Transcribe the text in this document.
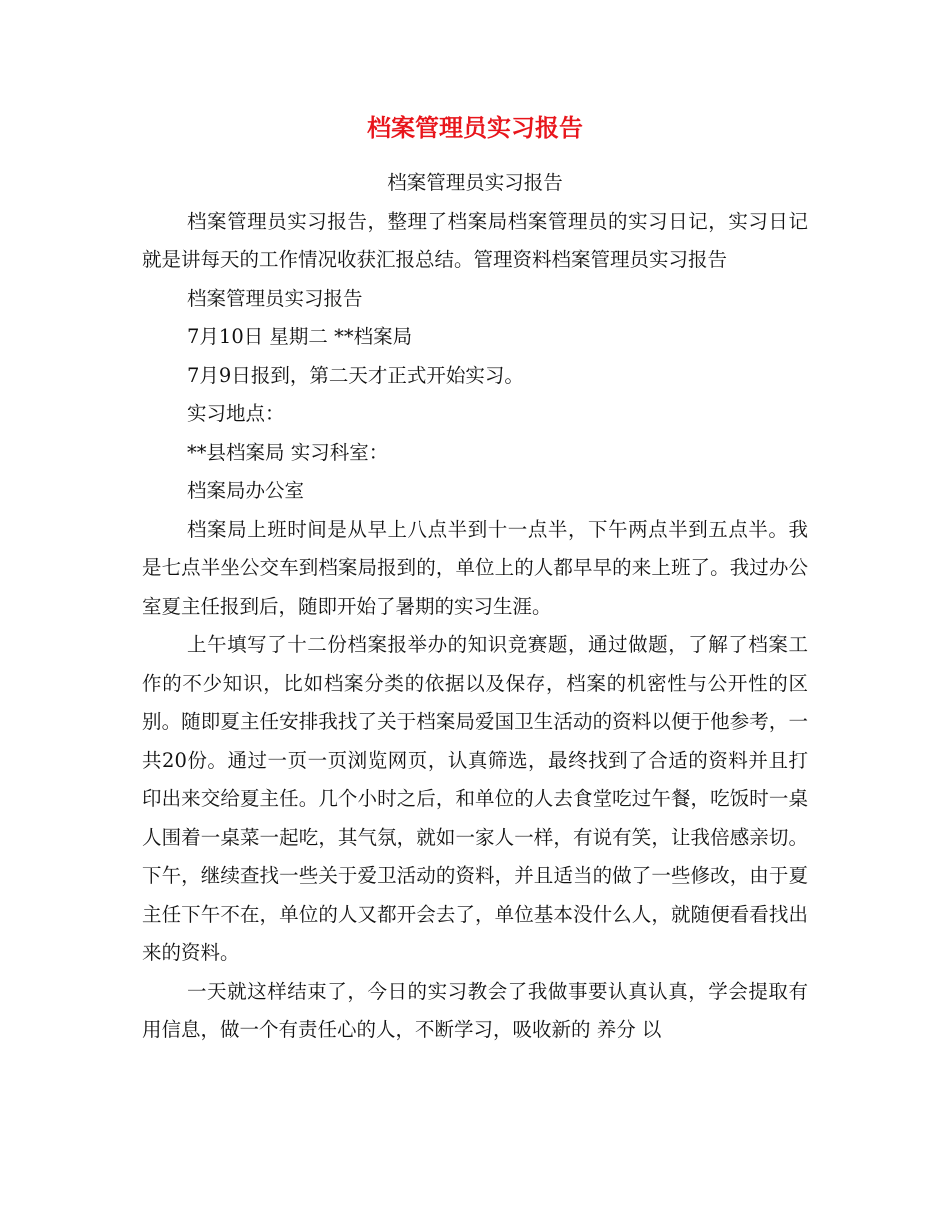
档案管理员实习报告

档案管理员实习报告

档案管理员实习报告，整理了档案局档案管理员的实习日记，实习日记就是讲每天的工作情况收获汇报总结。管理资料档案管理员实习报告

档案管理员实习报告

7月10日 星期二 **档案局

7月9日报到，第二天才正式开始实习。

实习地点：

**县档案局 实习科室：

档案局办公室

档案局上班时间是从早上八点半到十一点半，下午两点半到五点半。我是七点半坐公交车到档案局报到的，单位上的人都早早的来上班了。我过办公室夏主任报到后，随即开始了暑期的实习生涯。

上午填写了十二份档案报举办的知识竞赛题，通过做题，了解了档案工作的不少知识，比如档案分类的依据以及保存，档案的机密性与公开性的区别。随即夏主任安排我找了关于档案局爱国卫生活动的资料以便于他参考，一共20份。通过一页一页浏览网页，认真筛选，最终找到了合适的资料并且打印出来交给夏主任。几个小时之后，和单位的人去食堂吃过午餐，吃饭时一桌人围着一桌菜一起吃，其气氛，就如一家人一样，有说有笑，让我倍感亲切。下午，继续查找一些关于爱卫活动的资料，并且适当的做了一些修改，由于夏主任下午不在，单位的人又都开会去了，单位基本没什么人，就随便看看找出来的资料。

一天就这样结束了，今日的实习教会了我做事要认真认真，学会提取有用信息，做一个有责任心的人，不断学习，吸收新的 养分 以
